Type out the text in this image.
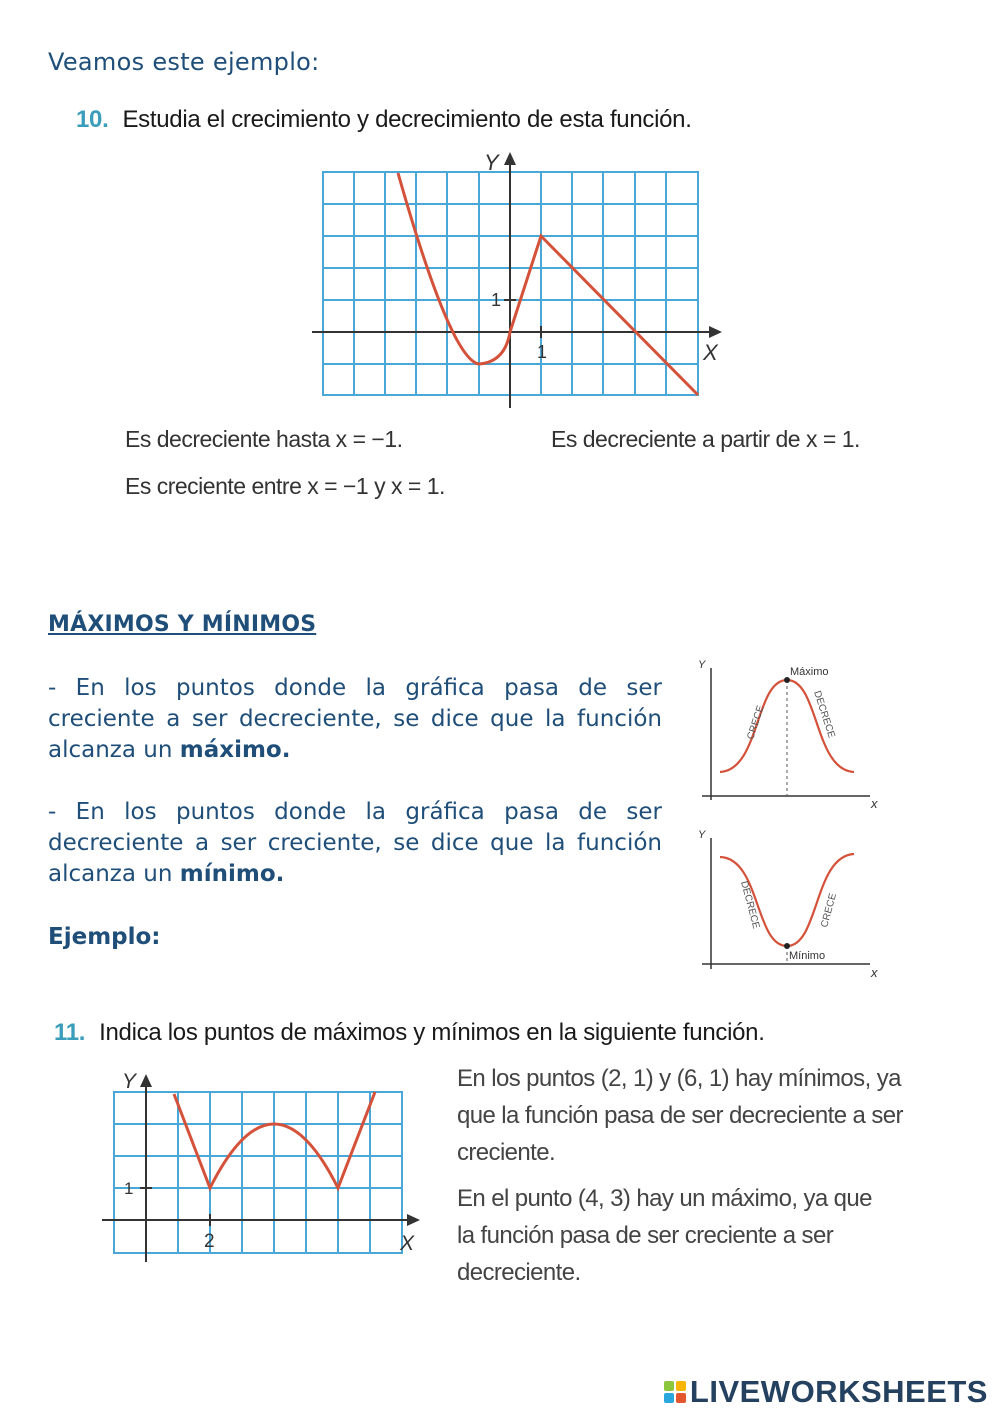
Veamos este ejemplo:
10. Estudia el crecimiento y decrecimiento de esta función.
Y
X
1
1
Es decreciente hasta x = −1.	Es decreciente a partir de x = 1.
Es creciente entre x = −1 y x = 1.
MÁXIMOS Y MÍNIMOS
- En los puntos donde la gráfica pasa de ser creciente a ser decreciente, se dice que la función alcanza un máximo.
- En los puntos donde la gráfica pasa de ser decreciente a ser creciente, se dice que la función alcanza un mínimo.
Ejemplo:
Y
x
Máximo
CRECE	DECRECE
Y
x
Mínimo
DECRECE	CRECE
11. Indica los puntos de máximos y mínimos en la siguiente función.
Y
X
2
1
En los puntos (2, 1) y (6, 1) hay mínimos, ya que la función pasa de ser decreciente a ser creciente.
En el punto (4, 3) hay un máximo, ya que la función pasa de ser creciente a ser decreciente.
LIVEWORKSHEETS
